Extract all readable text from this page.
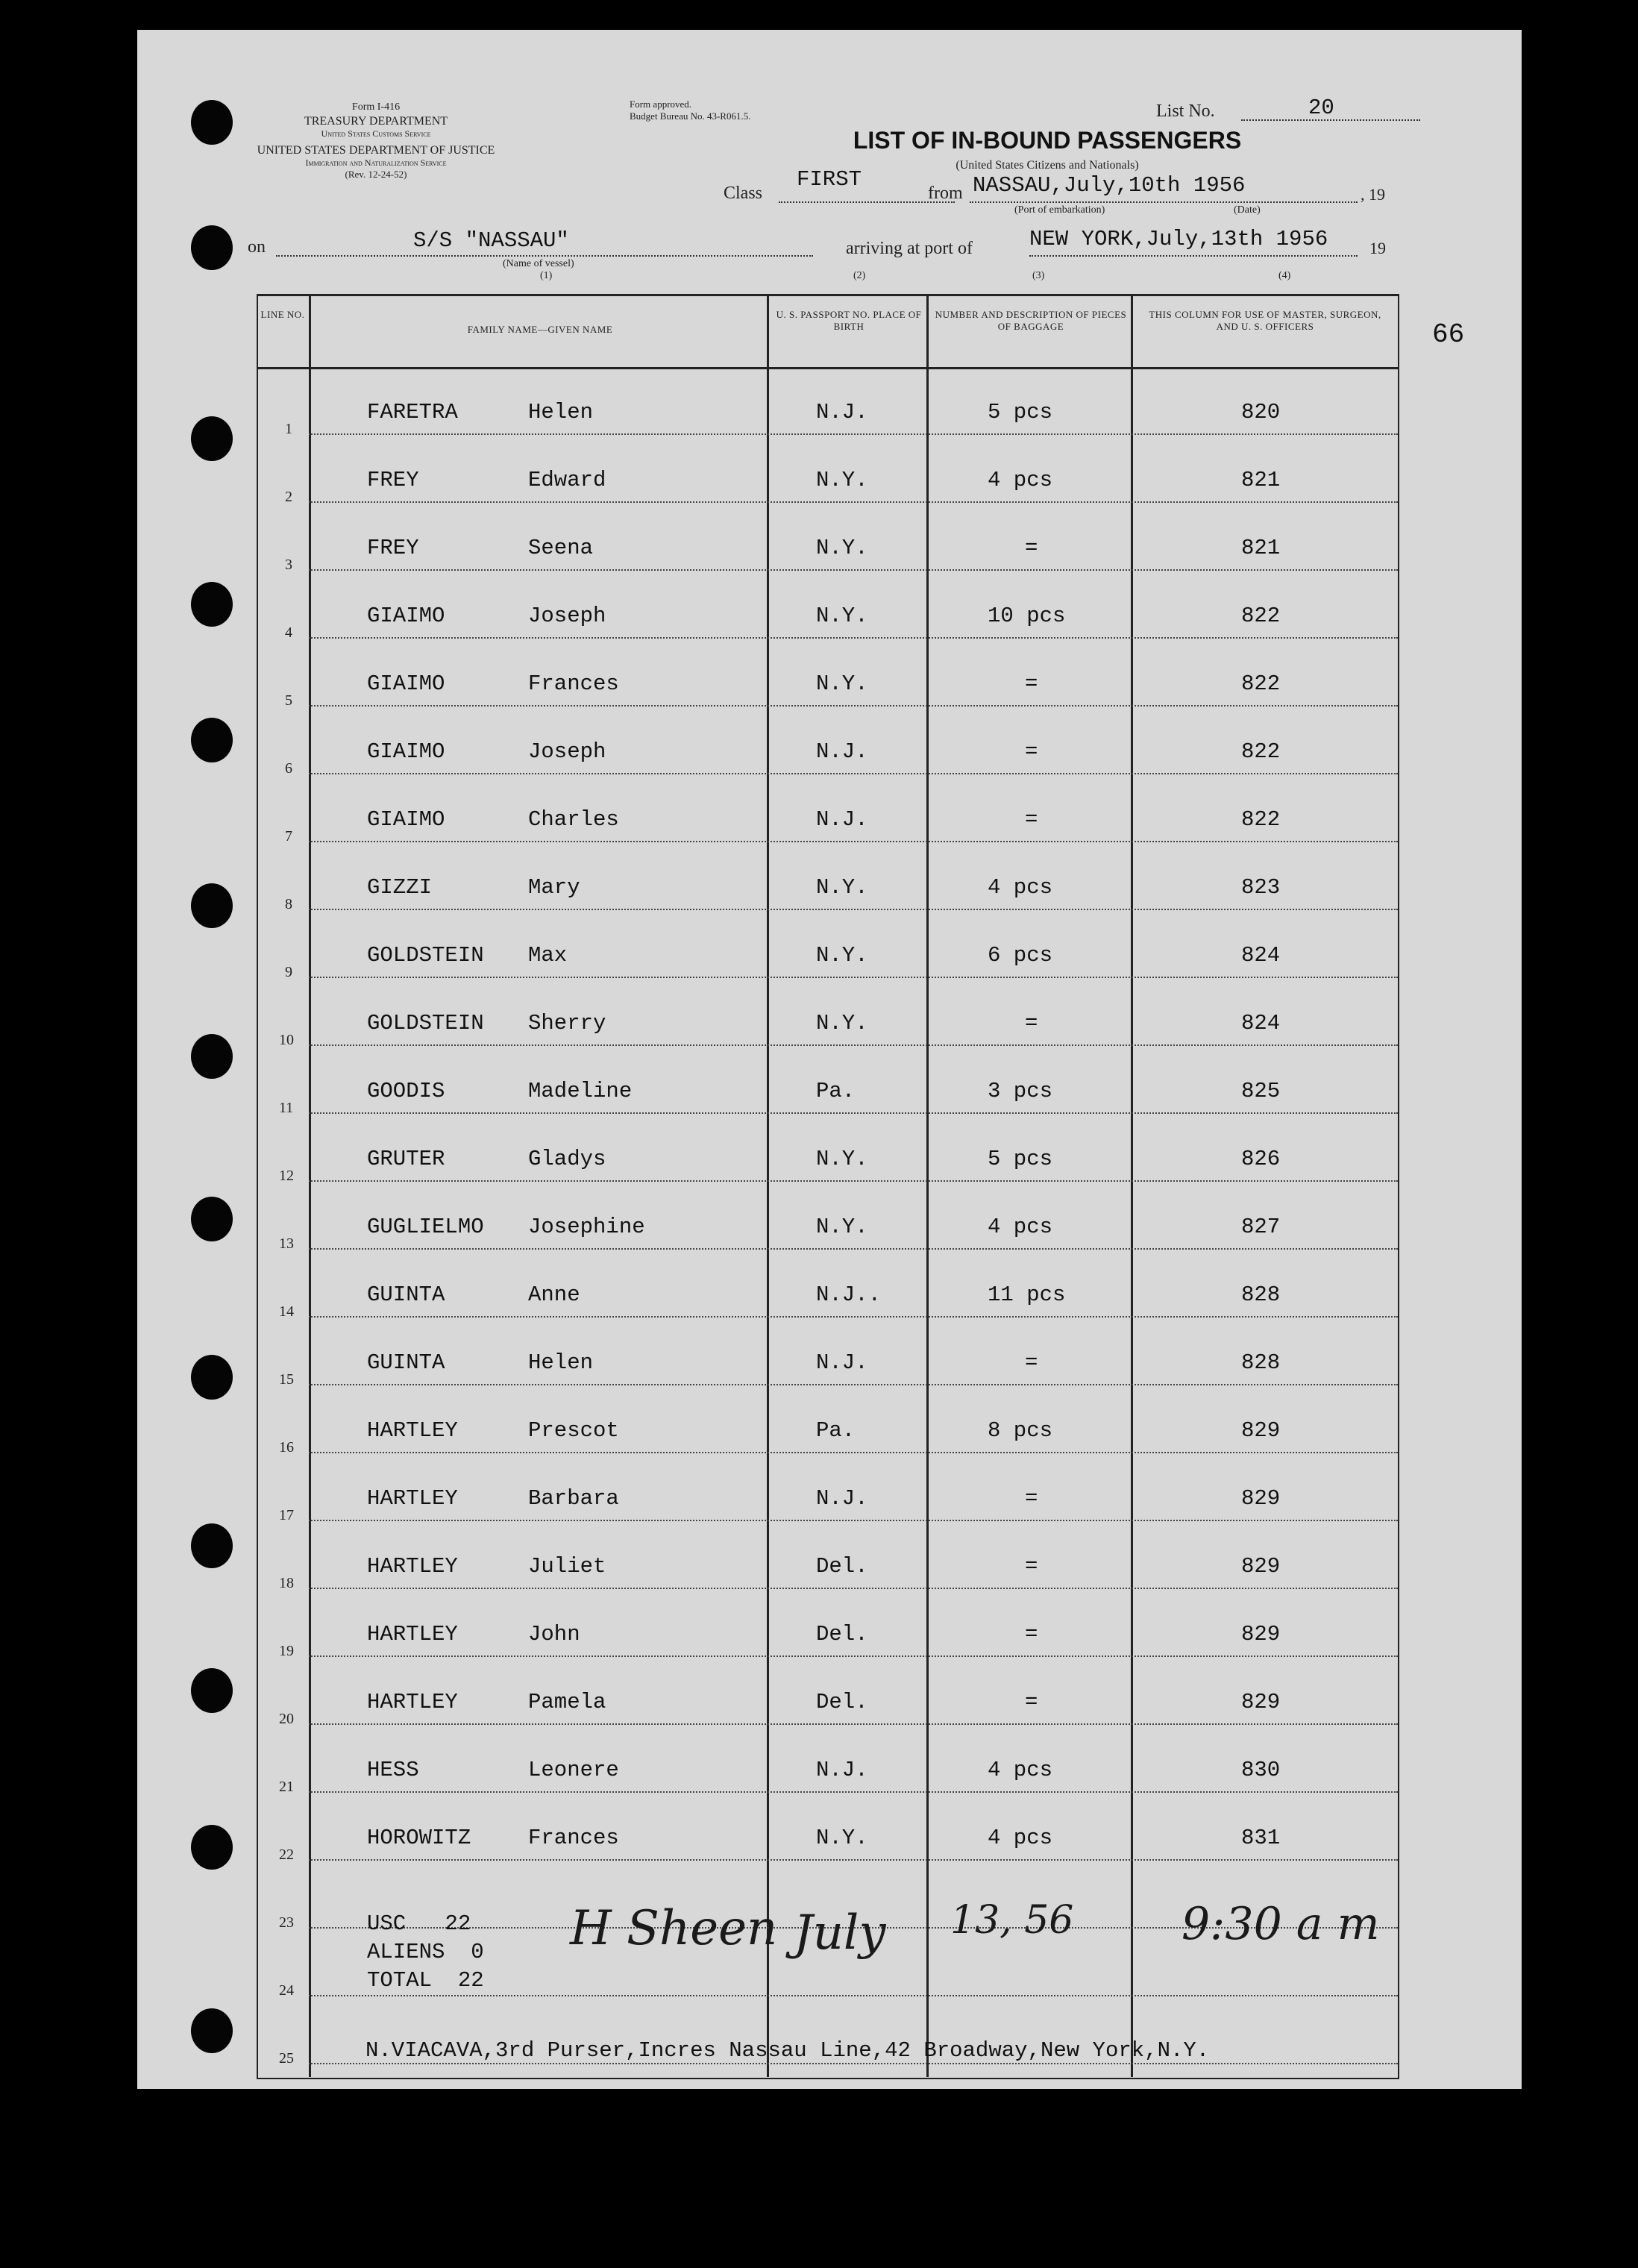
Form I-416
TREASURY DEPARTMENT
United States Customs Service
UNITED STATES DEPARTMENT OF JUSTICE
Immigration and Naturalization Service
(Rev. 12-24-52)
Form approved.
Budget Bureau No. 43-R061.5.	List No.	20
LIST OF IN-BOUND PASSENGERS
(United States Citizens and Nationals)
Class
FIRST
from NASSAU,July,10th 1956	, 19
(Port of embarkation)	(Date)
on	S/S "NASSAU"
(Name of vessel)
(1)
arriving at port of	NEW YORK,July,13th 1956	19
(2)	(3)	(4)
66
LINE NO.
FAMILY NAME—GIVEN NAME
U. S. PASSPORT NO. PLACE OF BIRTH
NUMBER AND DESCRIPTION OF PIECES OF BAGGAGE
THIS COLUMN FOR USE OF MASTER, SURGEON, AND U. S. OFFICERS
1
FARETRA	Helen	N.J.	5 pcs	820
2
FREY	Edward	N.Y.	4 pcs	821
3
FREY	Seena	N.Y.	=	821
4
GIAIMO	Joseph	N.Y.	10 pcs	822
5
GIAIMO	Frances	N.Y.	=	822
6
GIAIMO	Joseph	N.J.	=	822
7
GIAIMO	Charles	N.J.	=	822
8
GIZZI	Mary	N.Y.	4 pcs	823
9
GOLDSTEIN Max	N.Y.	6 pcs	824
10
GOLDSTEIN Sherry	N.Y.	=	824
11
GOODIS	Madeline	Pa.	3 pcs	825
12
GRUTER	Gladys	N.Y.	5 pcs	826
13
GUGLIELMO Josephine	N.Y.	4 pcs	827
14
GUINTA	Anne	N.J..	11 pcs	828
15
GUINTA	Helen	N.J.	=	828
16
HARTLEY	Prescot	Pa.	8 pcs	829
17
HARTLEY	Barbara	N.J.	=	829
18
HARTLEY	Juliet	Del.	=	829
19
HARTLEY	John	Del.	=	829
20
HARTLEY	Pamela	Del.	=	829
21
HESS	Leonere	N.J.	4 pcs	830
22
HOROWITZ	Frances	N.Y.	4 pcs	831
23
24
25
USC 22
ALIENS 0
TOTAL 22
H Sheen July 13, 56 9:30 a m
N.VIACAVA,3rd Purser,Incres Nassau Line,42 Broadway,New York,N.Y.
